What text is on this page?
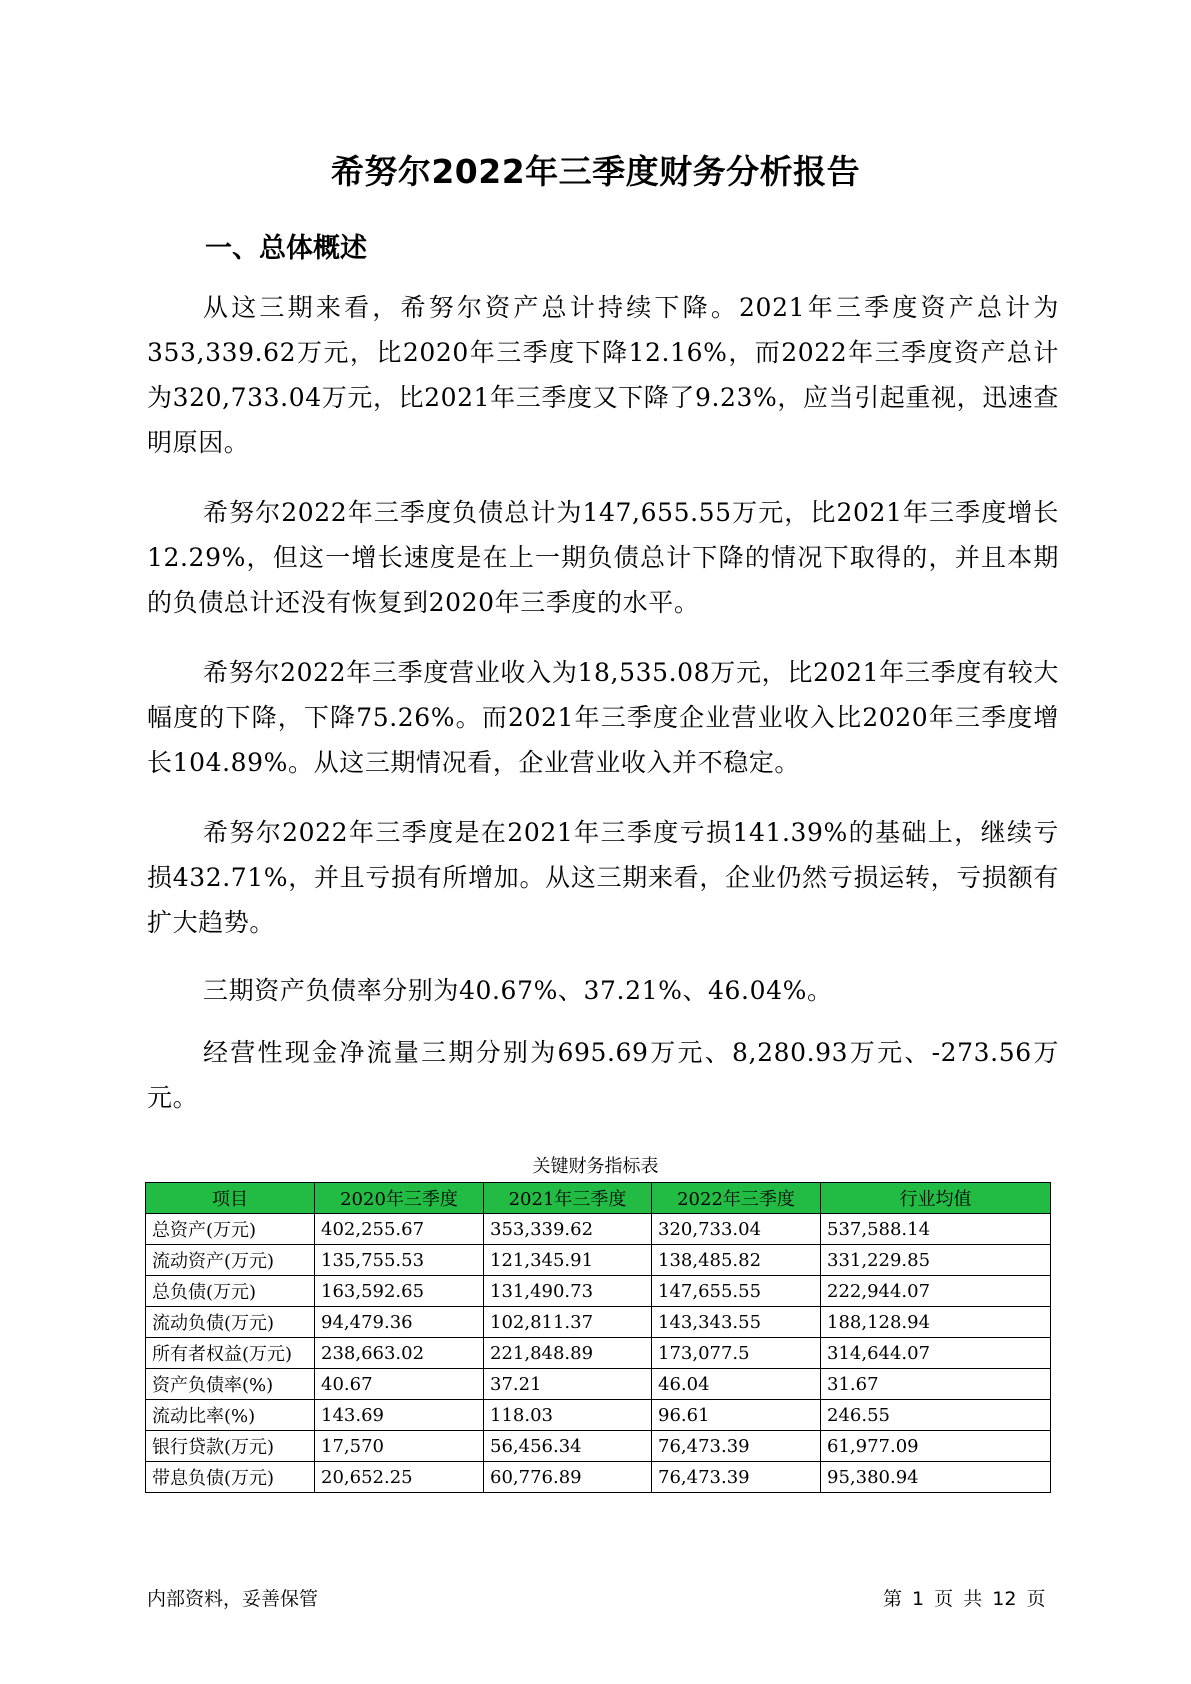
希努尔2022年三季度财务分析报告
一、总体概述

从这三期来看，希努尔资产总计持续下降。2021年三季度资产总计为353,339.62万元，比2020年三季度下降12.16%，而2022年三季度资产总计为320,733.04万元，比2021年三季度又下降了9.23%，应当引起重视，迅速查明原因。

希努尔2022年三季度负债总计为147,655.55万元，比2021年三季度增长12.29%，但这一增长速度是在上一期负债总计下降的情况下取得的，并且本期的负债总计还没有恢复到2020年三季度的水平。

希努尔2022年三季度营业收入为18,535.08万元，比2021年三季度有较大幅度的下降，下降75.26%。而2021年三季度企业营业收入比2020年三季度增长104.89%。从这三期情况看，企业营业收入并不稳定。

希努尔2022年三季度是在2021年三季度亏损141.39%的基础上，继续亏损432.71%，并且亏损有所增加。从这三期来看，企业仍然亏损运转，亏损额有扩大趋势。

三期资产负债率分别为40.67%、37.21%、46.04%。

经营性现金净流量三期分别为695.69万元、8,280.93万元、-273.56万元。

关键财务指标表
项目	2020年三季度	2021年三季度	2022年三季度	行业均值
总资产(万元)	402,255.67	353,339.62	320,733.04	537,588.14
流动资产(万元)	135,755.53	121,345.91	138,485.82	331,229.85
总负债(万元)	163,592.65	131,490.73	147,655.55	222,944.07
流动负债(万元)	94,479.36	102,811.37	143,343.55	188,128.94
所有者权益(万元)	238,663.02	221,848.89	173,077.5	314,644.07
资产负债率(%)	40.67	37.21	46.04	31.67
流动比率(%)	143.69	118.03	96.61	246.55
银行贷款(万元)	17,570	56,456.34	76,473.39	61,977.09
带息负债(万元)	20,652.25	60,776.89	76,473.39	95,380.94
内部资料，妥善保管	第 1 页 共 12 页
